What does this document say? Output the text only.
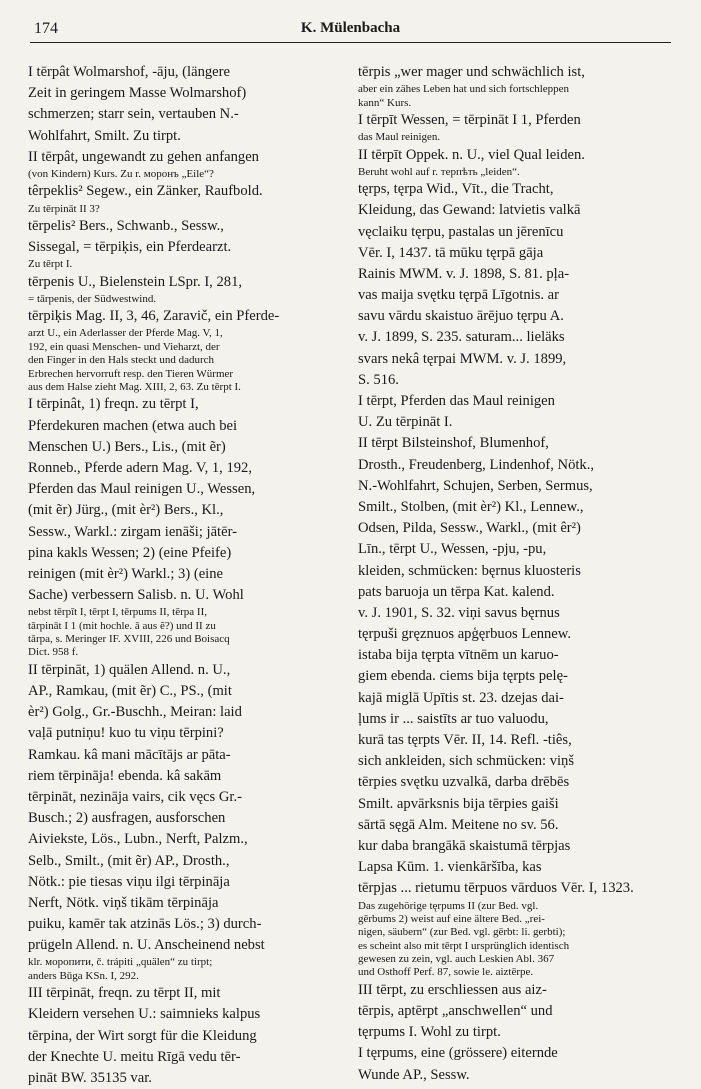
174	K. Mülenbacha
I tērpât Wolmarshof, -āju, (längere
Zeit in geringem Masse Wolmarshof)
schmerzen; starr sein, vertauben N.-
Wohlfahrt, Smilt. Zu tirpt.
II tērpât, ungewandt zu gehen anfangen
(von Kindern) Kurs. Zu r. моронъ „Eile“?
têrpeklis² Segew., ein Zänker, Raufbold.
Zu tērpināt II 3?
tērpelis² Bers., Schwanb., Sessw.,
Sissegal, = tērpiķis, ein Pferdearzt.
Zu tērpt I.
tērpenis U., Bielenstein LSpr. I, 281,
= tārpenis, der Südwestwind.
tērpiķis Mag. II, 3, 46, Zaravič, ein Pferde-
arzt U., ein Aderlasser der Pferde Mag. V, 1,
192, ein quasi Menschen- und Vieharzt, der
den Finger in den Hals steckt und dadurch
Erbrechen hervorruft resp. den Tieren Würmer
aus dem Halse zieht Mag. XIII, 2, 63. Zu tērpt I.
I tērpinât, 1) freqn. zu tērpt I,
Pferdekuren machen (etwa auch bei
Menschen U.) Bers., Lis., (mit ẽr)
Ronneb., Pferde adern Mag. V, 1, 192,
Pferden das Maul reinigen U., Wessen,
(mit ẽr) Jürg., (mit èr²) Bers., Kl.,
Sessw., Warkl.: zirgam ienāši; jātēr-
pina kakls Wessen; 2) (eine Pfeife)
reinigen (mit èr²) Warkl.; 3) (eine
Sache) verbessern Salisb. n. U. Wohl
nebst tērpīt I, tērpt I, tērpums II, tērpa II,
tārpināt I 1 (mit hochle. ā aus ẽ?) und II zu
tārpa, s. Meringer IF. XVIII, 226 und Boisacq
Dict. 958 f.
II tērpināt, 1) quälen Allend. n. U.,
AP., Ramkau, (mit ẽr) C., PS., (mit
èr²) Golg., Gr.-Buschh., Meiran: laid
vaļā putniņu! kuo tu viņu tērpini?
Ramkau. kâ mani mācītājs ar pāta-
riem tērpināja! ebenda. kâ sakām
tērpināt, nezināja vairs, cik vęcs Gr.-
Busch.; 2) ausfragen, ausforschen
Aiviekste, Lös., Lubn., Nerft, Palzm.,
Selb., Smilt., (mit ẽr) AP., Drosth.,
Nötk.: pie tiesas viņu ilgi tērpināja
Nerft, Nötk. viņš tikām tērpināja
puiku, kamēr tak atzinās Lös.; 3) durch-
prügeln Allend. n. U. Anscheinend nebst
klr. моропити, č. trápiti „quälen“ zu tirpt;
anders Būga KSn. I, 292.
III tērpināt, freqn. zu tērpt II, mit
Kleidern versehen U.: saimnieks kalpus
tērpina, der Wirt sorgt für die Kleidung
der Knechte U. meitu Rīgā vedu tēr-
pināt BW. 35135 var.
tērpis „wer mager und schwächlich ist,
aber ein zähes Leben hat und sich fortschleppen
kann“ Kurs.
I tērpīt Wessen, = tērpināt I 1, Pferden
das Maul reinigen.
II tērpīt Oppek. n. U., viel Qual leiden.
Beruht wohl auf r. терпѣть „leiden“.
tęrps, tęrpa Wid., Vīt., die Tracht,
Kleidung, das Gewand: latvietis valkā
vęclaiku tęrpu, pastalas un jērenīcu
Vēr. I, 1437. tā mūku tęrpā gāja
Rainis MWM. v. J. 1898, S. 81. pļa-
vas maija svętku tęrpā Līgotnis. ar
savu vārdu skaistuo ārējuo tęrpu A.
v. J. 1899, S. 235. saturam... lieläks
svars nekâ tęrpai MWM. v. J. 1899,
S. 516.
I tērpt, Pferden das Maul reinigen
U. Zu tērpināt I.
II tērpt Bilsteinshof, Blumenhof,
Drosth., Freudenberg, Lindenhof, Nötk.,
N.-Wohlfahrt, Schujen, Serben, Sermus,
Smilt., Stolben, (mit èr²) Kl., Lennew.,
Odsen, Pilda, Sessw., Warkl., (mit êr²)
Līn., tērpt U., Wessen, -pju, -pu,
kleiden, schmücken: bęrnus kluosteris
pats baruoja un tērpa Kat. kalend.
v. J. 1901, S. 32. viņi savus bęrnus
tęrpuši gręznuos apģęrbuos Lennew.
istaba bija tęrpta vītnēm un karuo-
giem ebenda. ciems bija tęrpts pelę-
kajā miglā Upītis st. 23. dzejas dai-
ļums ir ... saistīts ar tuo valuodu,
kurā tas tęrpts Vēr. II, 14. Refl. -tiês,
sich ankleiden, sich schmücken: viņš
tērpies svętku uzvalkā, darba drēbēs
Smilt. apvārksnis bija tērpies gaiši
sārtā sęgā Alm. Meitene no sv. 56.
kur daba brangākā skaistumā tērpjas
Lapsa Kūm. 1. vienkāršība, kas
tērpjas ... rietumu tērpuos vārduos Vēr. I, 1323.
Das zugehörige tęrpums II (zur Bed. vgl.
gērbums 2) weist auf eine ältere Bed. „rei-
nigen, säubern“ (zur Bed. vgl. gērbt: li. gerbti);
es scheint also mit tērpt I ursprünglich identisch
gewesen zu zein, vgl. auch Leskien Abl. 367
und Osthoff Perf. 87, sowie le. aiztērpe.
III tērpt, zu erschliessen aus aiz-
tērpis, aptērpt „anschwellen“ und
tęrpums I. Wohl zu tirpt.
I tęrpums, eine (grössere) eiternde
Wunde AP., Sessw.
